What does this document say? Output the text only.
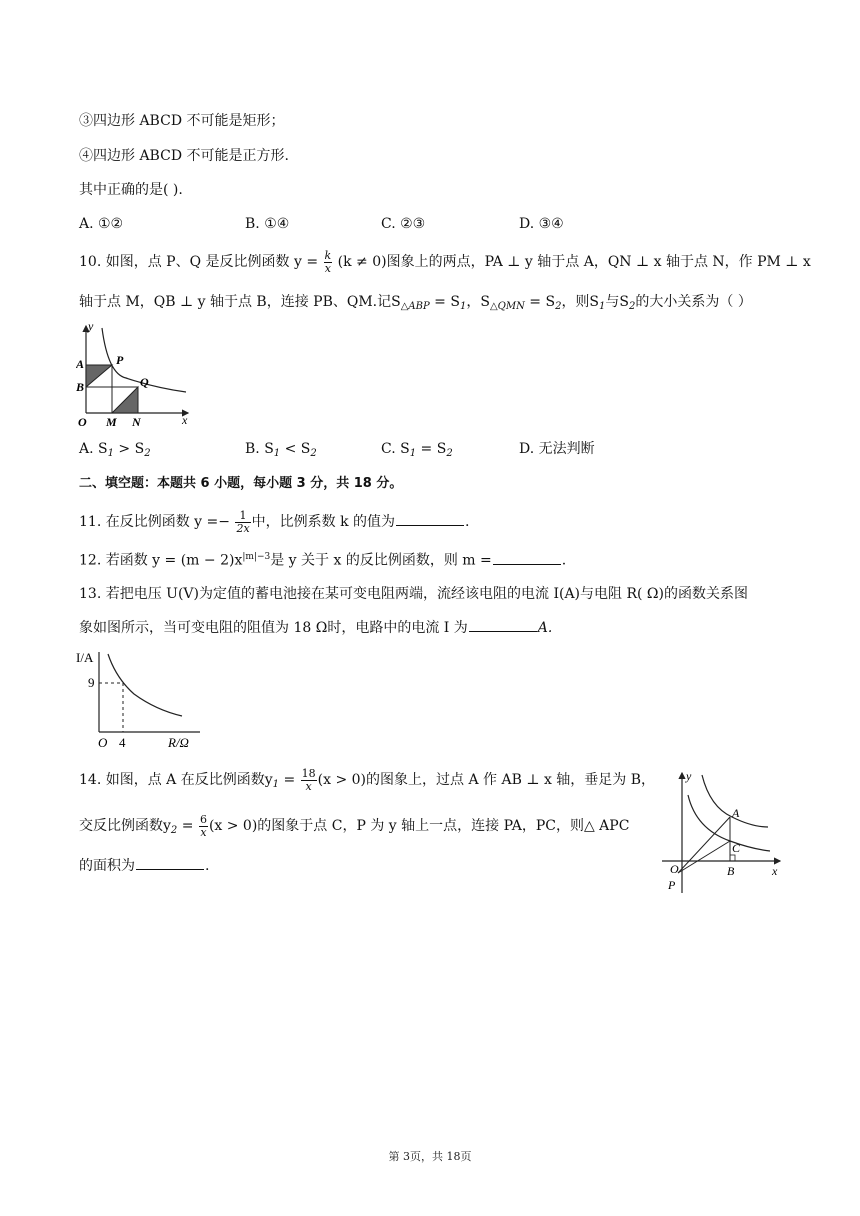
③四边形 ABCD 不可能是矩形；
④四边形 ABCD 不可能是正方形.
其中正确的是( ).
A. ①②	B. ①④	C. ②③	D. ③④
10. 如图，点 P、Q 是反比例函数 $y = \frac{k}{x} (k \ne 0)$图象上的两点，PA ⊥ y 轴于点 A，QN ⊥ x 轴于点 N，作 PM ⊥ x
轴于点 M，QB ⊥ y 轴于点 B，连接 PB、QM.记$S_{\triangle ABP} = S_1$，$S_{\triangle QMN} = S_2$，则$S_1$与$S_2$的大小关系为（ ）
y
x
A	P
B	Q
O M N
A. $S_1 > S_2$	B. $S_1 < S_2$	C. $S_1 = S_2$	D. 无法判断
二、填空题：本题共 6 小题，每小题 3 分，共 18 分。
11. 在反比例函数 $y =- \frac{1}{2x}$ 中，比例系数 k 的值为	.
12. 若函数 $y = (m - 2)x^{|m|-3}$是 y 关于 x 的反比例函数，则 m =	.
13. 若把电压 U(V)为定值的蓄电池接在某可变电阻两端，流经该电阻的电流 I(A)与电阻 R( Ω)的函数关系图
象如图所示，当可变电阻的阻值为 18 Ω时，电路中的电流 I 为	A.
I/A
R/Ω
9
4
O
14. 如图，点 A 在反比例函数$y_1 = \frac{18}{x} (x > 0)$的图象上，过点 A 作 AB ⊥ x 轴，垂足为 B，
交反比例函数$y_2 = \frac{6}{x} (x > 0)$的图象于点 C，P 为 y 轴上一点，连接 PA，PC，则△ APC
的面积为	.
y
x
A
C
B
O
P
第 3页，共 18页
